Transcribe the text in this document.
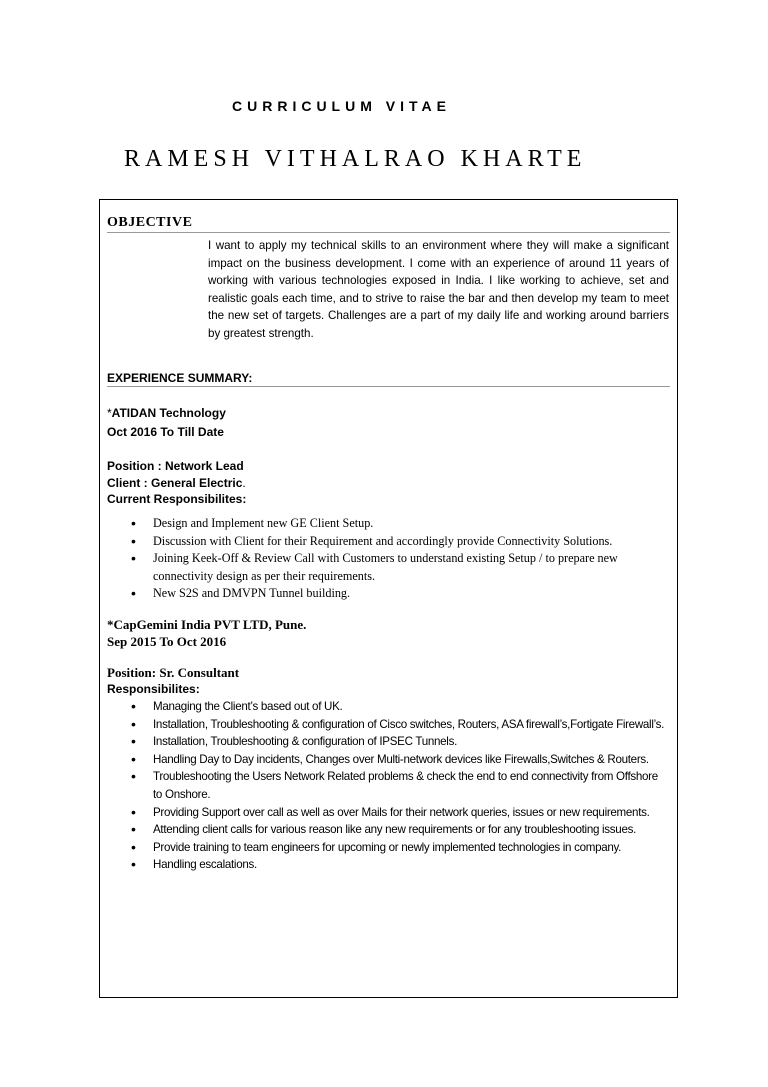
CURRICULUM VITAE
RAMESH VITHALRAO KHARTE
OBJECTIVE
I want to apply my technical skills to an environment where they will make a significant impact on the business development. I come with an experience of around 11 years of working with various technologies exposed in India. I like working to achieve, set and realistic goals each time, and to strive to raise the bar and then develop my team to meet the new set of targets. Challenges are a part of my daily life and working around barriers by greatest strength.
EXPERIENCE SUMMARY:
*ATIDAN Technology
Oct 2016 To Till Date
Position : Network Lead
Client : General Electric.
Current Responsibilites:
• Design and Implement new GE Client Setup.
• Discussion with Client for their Requirement and accordingly provide Connectivity Solutions.
• Joining Keek-Off & Review Call with Customers to understand existing Setup / to prepare new connectivity design as per their requirements.
• New S2S and DMVPN Tunnel building.
*CapGemini India PVT LTD, Pune.
Sep 2015 To Oct 2016
Position: Sr. Consultant
Responsibilites:
• Managing the Client’s based out of UK.
• Installation, Troubleshooting & configuration of Cisco switches, Routers, ASA firewall’s,Fortigate Firewall’s.
• Installation, Troubleshooting & configuration of IPSEC Tunnels.
• Handling Day to Day incidents, Changes over Multi-network devices like Firewalls,Switches & Routers.
• Troubleshooting the Users Network Related problems & check the end to end connectivity from Offshore to Onshore.
• Providing Support over call as well as over Mails for their network queries, issues or new requirements.
• Attending client calls for various reason like any new requirements or for any troubleshooting issues.
• Provide training to team engineers for upcoming or newly implemented technologies in company.
• Handling escalations.
